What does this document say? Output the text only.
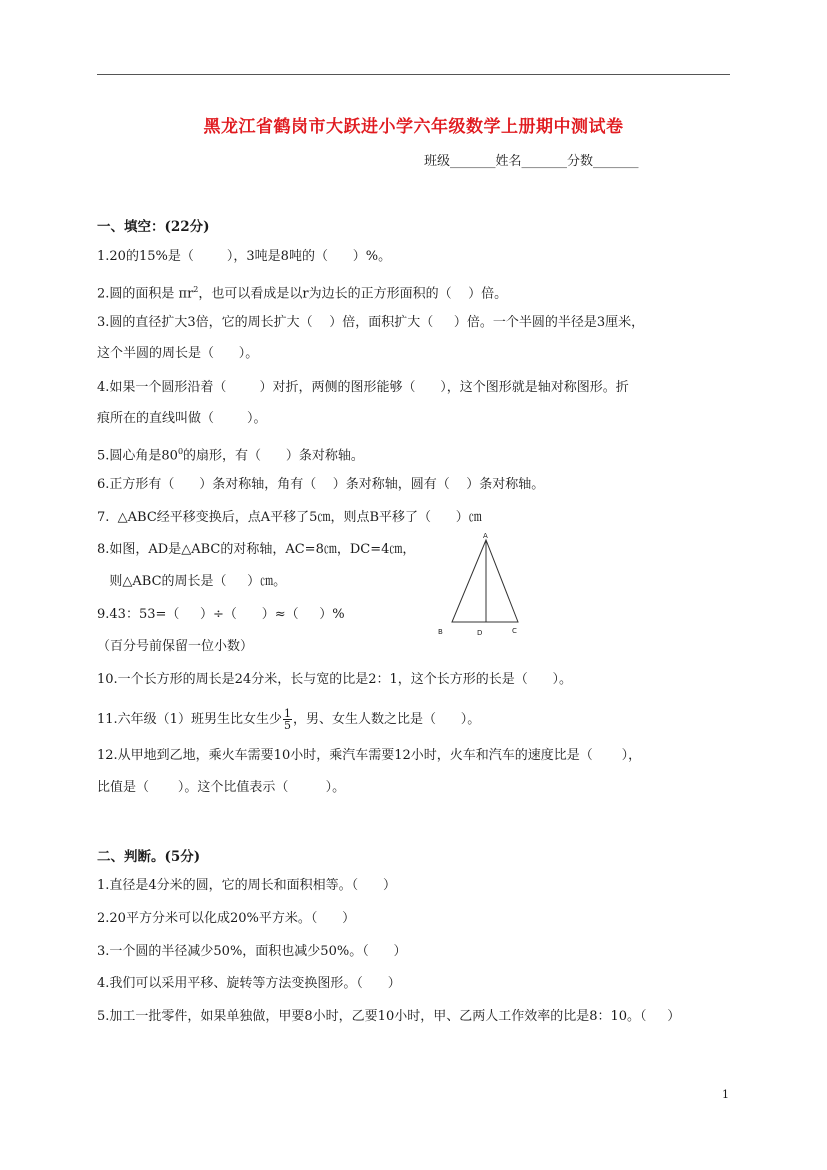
黑龙江省鹤岗市大跃进小学六年级数学上册期中测试卷
班级_______姓名_______分数_______
一、填空：(22分)
1.20的15%是（        ），3吨是8吨的（      ）%。
2.圆的面积是 $\pi r^2$，也可以看成是以r为边长的正方形面积的（    ）倍。
3.圆的直径扩大3倍，它的周长扩大（    ）倍，面积扩大（     ）倍。一个半圆的半径是3厘米，
这个半圆的周长是（      ）。
4.如果一个圆形沿着（        ）对折，两侧的图形能够（      ），这个图形就是轴对称图形。折
痕所在的直线叫做（        ）。
5.圆心角是$80^0$的扇形，有（      ）条对称轴。
6.正方形有（      ）条对称轴，角有（    ）条对称轴，圆有（    ）条对称轴。
7.  △ABC经平移变换后，点A平移了5㎝，则点B平移了（      ）㎝
8.如图，AD是△ABC的对称轴，AC=8㎝，DC=4㎝，
则△ABC的周长是（     ）㎝。
9.43：53=（     ）÷（      ）≈（     ）%
（百分号前保留一位小数）
10.一个长方形的周长是24分米，长与宽的比是2：1，这个长方形的长是（      ）。
11.六年级（1）班男生比女生少 $\frac{1}{5}$ ，男、女生人数之比是（      ）。
12.从甲地到乙地，乘火车需要10小时，乘汽车需要12小时，火车和汽车的速度比是（       ），
比值是（       ）。这个比值表示（         ）。
A
B	D	C
二、判断。(5分)
1.直径是4分米的圆，它的周长和面积相等。（      ）
2.20平方分米可以化成20%平方米。（      ）
3.一个圆的半径减少50%，面积也减少50%。（      ）
4.我们可以采用平移、旋转等方法变换图形。（      ）
5.加工一批零件，如果单独做，甲要8小时，乙要10小时，甲、乙两人工作效率的比是8：10。（     ）
1
